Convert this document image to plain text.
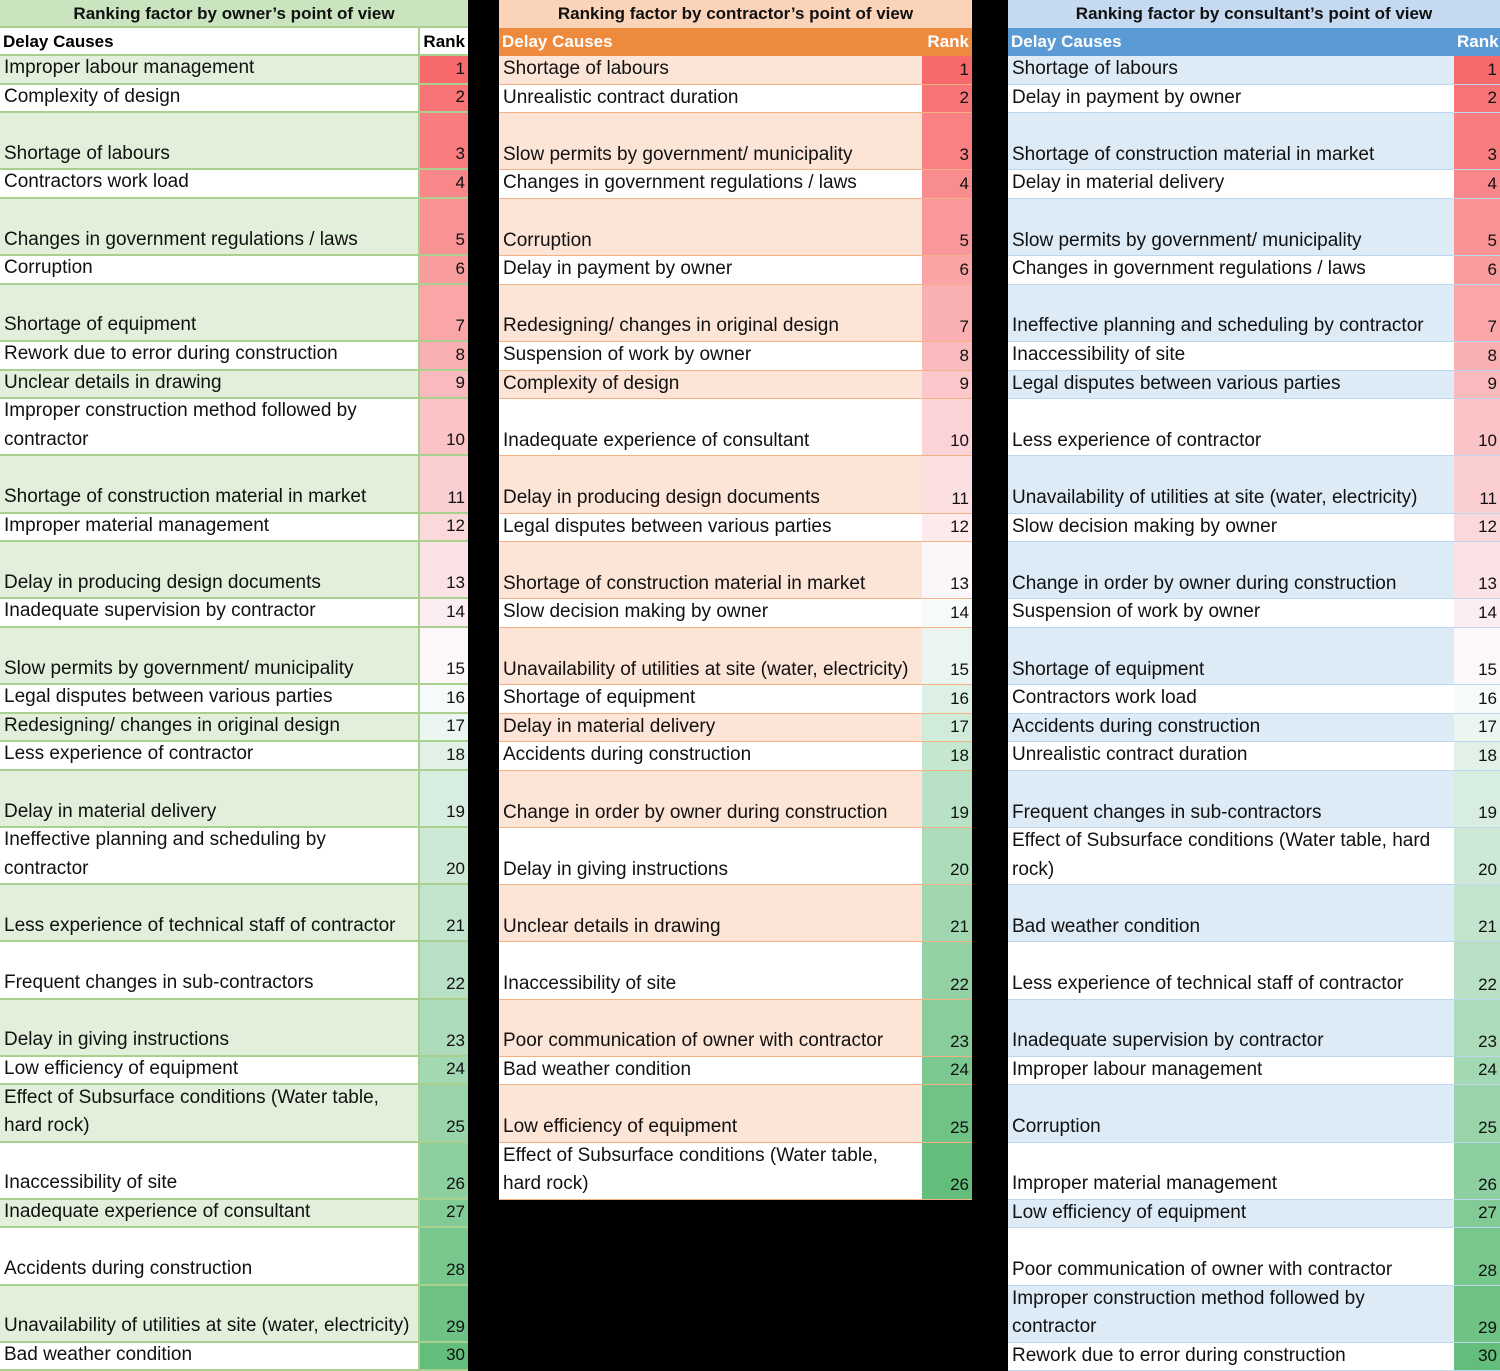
Ranking factor by owner’s point of view
Delay Causes	Rank
Improper labour management	1
Complexity of design	2
Shortage of labours	3
Contractors work load	4
Changes in government regulations / laws	5
Corruption	6
Shortage of equipment	7
Rework due to error during construction	8
Unclear details in drawing	9
Improper construction method followed by contractor	10
Shortage of construction material in market	11
Improper material management	12
Delay in producing design documents	13
Inadequate supervision by contractor	14
Slow permits by government/ municipality	15
Legal disputes between various parties	16
Redesigning/ changes in original design	17
Less experience of contractor	18
Delay in material delivery	19
Ineffective planning and scheduling by contractor	20
Less experience of technical staff of contractor	21
Frequent changes in sub-contractors	22
Delay in giving instructions	23
Low efficiency of equipment	24
Effect of Subsurface conditions (Water table, hard rock)	25
Inaccessibility of site	26
Inadequate experience of consultant	27
Accidents during construction	28
Unavailability of utilities at site (water, electricity)	29
Bad weather condition	30
Ranking factor by contractor’s point of view
Delay Causes	Rank
Shortage of labours	1
Unrealistic contract duration	2
Slow permits by government/ municipality	3
Changes in government regulations / laws	4
Corruption	5
Delay in payment by owner	6
Redesigning/ changes in original design	7
Suspension of work by owner	8
Complexity of design	9
Inadequate experience of consultant	10
Delay in producing design documents	11
Legal disputes between various parties	12
Shortage of construction material in market	13
Slow decision making by owner	14
Unavailability of utilities at site (water, electricity)	15
Shortage of equipment	16
Delay in material delivery	17
Accidents during construction	18
Change in order by owner during construction	19
Delay in giving instructions	20
Unclear details in drawing	21
Inaccessibility of site	22
Poor communication of owner with contractor	23
Bad weather condition	24
Low efficiency of equipment	25
Effect of Subsurface conditions (Water table, hard rock)	26
Ranking factor by consultant’s point of view
Delay Causes	Rank
Shortage of labours	1
Delay in payment by owner	2
Shortage of construction material in market	3
Delay in material delivery	4
Slow permits by government/ municipality	5
Changes in government regulations / laws	6
Ineffective planning and scheduling by contractor	7
Inaccessibility of site	8
Legal disputes between various parties	9
Less experience of contractor	10
Unavailability of utilities at site (water, electricity)	11
Slow decision making by owner	12
Change in order by owner during construction	13
Suspension of work by owner	14
Shortage of equipment	15
Contractors work load	16
Accidents during construction	17
Unrealistic contract duration	18
Frequent changes in sub-contractors	19
Effect of Subsurface conditions (Water table, hard rock)	20
Bad weather condition	21
Less experience of technical staff of contractor	22
Inadequate supervision by contractor	23
Improper labour management	24
Corruption	25
Improper material management	26
Low efficiency of equipment	27
Poor communication of owner with contractor	28
Improper construction method followed by contractor	29
Rework due to error during construction	30
